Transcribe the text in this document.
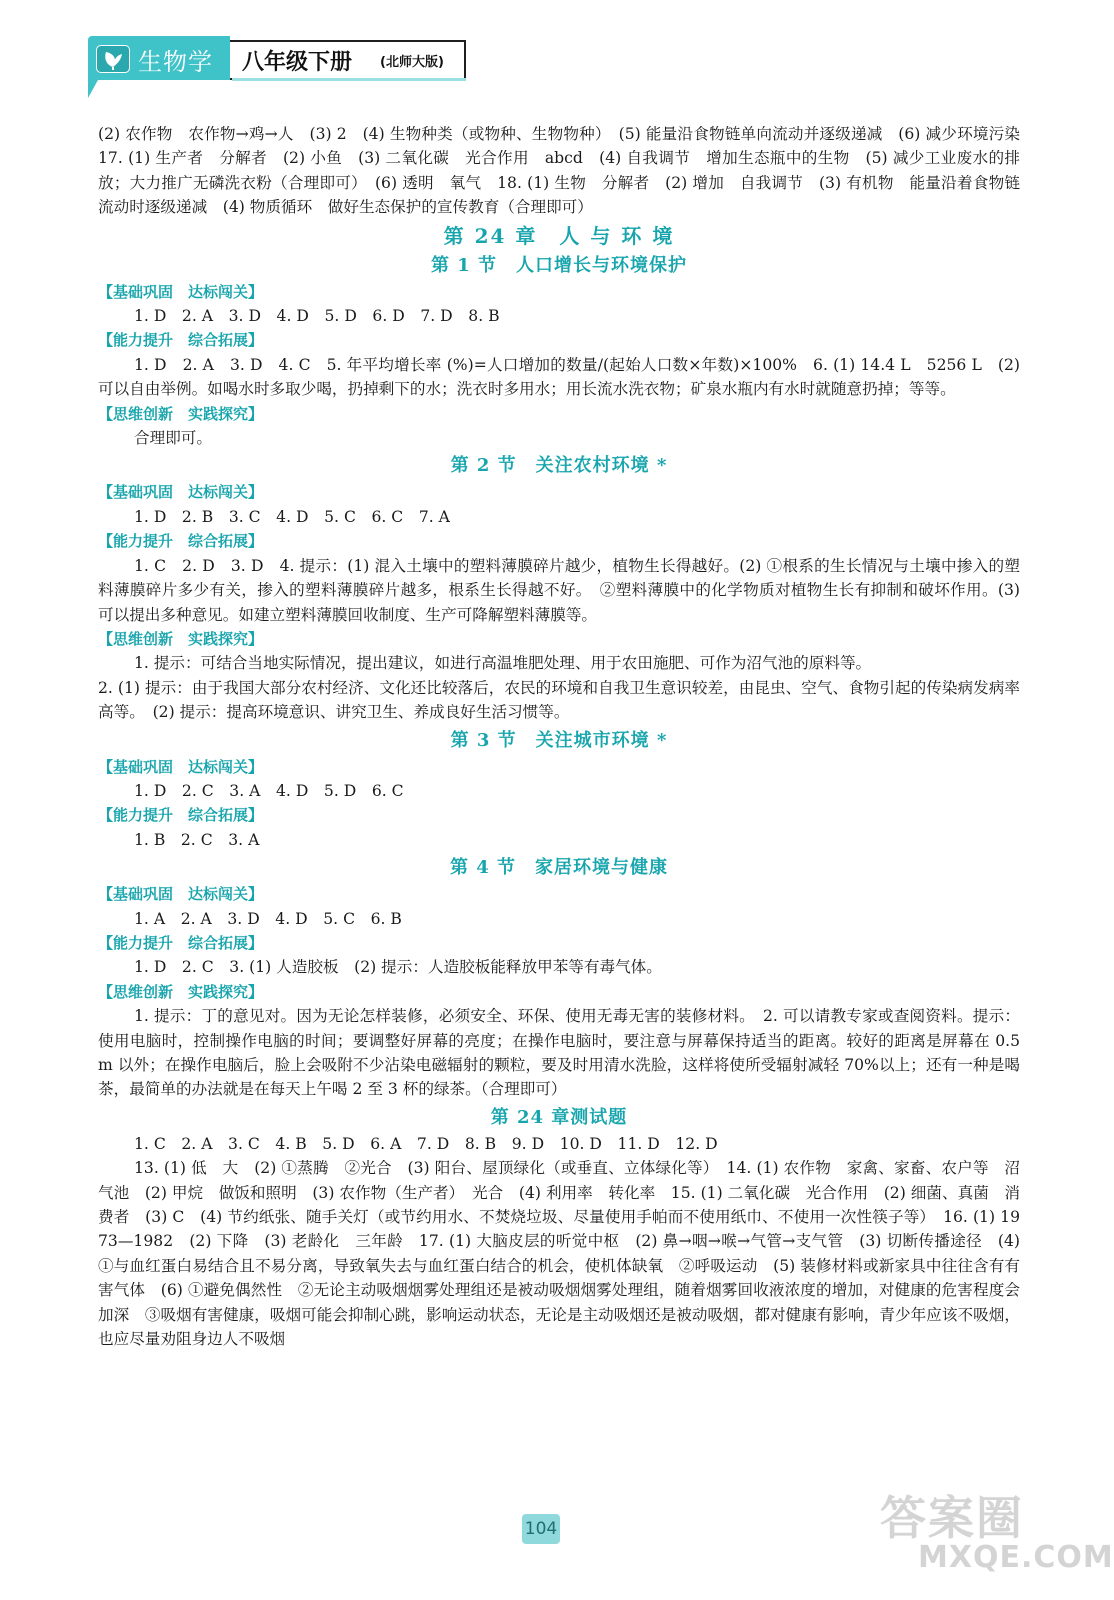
生物学 八年级下册 (北师大版)

(2) 农作物　农作物→鸡→人　(3) 2　(4) 生物种类（或物种、生物物种）　(5) 能量沿食物链单向流动并逐级递减　(6) 减少环境污染　17. (1) 生产者　分解者　(2) 小鱼　(3) 二氧化碳　光合作用　abcd　(4) 自我调节　增加生态瓶中的生物　(5) 减少工业废水的排放；大力推广无磷洗衣粉（合理即可）　(6) 透明　氧气　18. (1) 生物　分解者　(2) 增加　自我调节　(3) 有机物　能量沿着食物链流动时逐级递减　(4) 物质循环　做好生态保护的宣传教育（合理即可）

第 24 章　人 与 环 境
第 1 节　人口增长与环境保护

【基础巩固　达标闯关】

1. D　2. A　3. D　4. D　5. D　6. D　7. D　8. B

【能力提升　综合拓展】

1. D　2. A　3. D　4. C　5. 年平均增长率 (%)=人口增加的数量/(起始人口数×年数)×100%　6. (1) 14.4 L　5256 L　(2) 可以自由举例。如喝水时多取少喝，扔掉剩下的水；洗衣时多用水；用长流水洗衣物；矿泉水瓶内有水时就随意扔掉；等等。

【思维创新　实践探究】

合理即可。

第 2 节　关注农村环境 *

【基础巩固　达标闯关】

1. D　2. B　3. C　4. D　5. C　6. C　7. A

【能力提升　综合拓展】

1. C　2. D　3. D　4. 提示：(1) 混入土壤中的塑料薄膜碎片越少，植物生长得越好。(2) ①根系的生长情况与土壤中掺入的塑料薄膜碎片多少有关，掺入的塑料薄膜碎片越多，根系生长得越不好。　②塑料薄膜中的化学物质对植物生长有抑制和破坏作用。(3) 可以提出多种意见。如建立塑料薄膜回收制度、生产可降解塑料薄膜等。

【思维创新　实践探究】

1. 提示：可结合当地实际情况，提出建议，如进行高温堆肥处理、用于农田施肥、可作为沼气池的原料等。

2. (1) 提示：由于我国大部分农村经济、文化还比较落后，农民的环境和自我卫生意识较差，由昆虫、空气、食物引起的传染病发病率高等。　(2) 提示：提高环境意识、讲究卫生、养成良好生活习惯等。

第 3 节　关注城市环境 *

【基础巩固　达标闯关】

1. D　2. C　3. A　4. D　5. D　6. C

【能力提升　综合拓展】

1. B　2. C　3. A

第 4 节　家居环境与健康

【基础巩固　达标闯关】

1. A　2. A　3. D　4. D　5. C　6. B

【能力提升　综合拓展】

1. D　2. C　3. (1) 人造胶板　(2) 提示：人造胶板能释放甲苯等有毒气体。

【思维创新　实践探究】

1. 提示：丁的意见对。因为无论怎样装修，必须安全、环保、使用无毒无害的装修材料。　2. 可以请教专家或查阅资料。提示：使用电脑时，控制操作电脑的时间；要调整好屏幕的亮度；在操作电脑时，要注意与屏幕保持适当的距离。较好的距离是屏幕在 0.5 m 以外；在操作电脑后，脸上会吸附不少沾染电磁辐射的颗粒，要及时用清水洗脸，这样将使所受辐射减轻 70%以上；还有一种是喝茶，最简单的办法就是在每天上午喝 2 至 3 杯的绿茶。（合理即可）

第 24 章测试题

1. C　2. A　3. C　4. B　5. D　6. A　7. D　8. B　9. D　10. D　11. D　12. D

13. (1) 低　大　(2) ①蒸腾　②光合　(3) 阳台、屋顶绿化（或垂直、立体绿化等）　14. (1) 农作物　家禽、家畜、农户等　沼气池　(2) 甲烷　做饭和照明　(3) 农作物（生产者）　光合　(4) 利用率　转化率　15. (1) 二氧化碳　光合作用　(2) 细菌、真菌　消费者　(3) C　(4) 节约纸张、随手关灯（或节约用水、不焚烧垃圾、尽量使用手帕而不使用纸巾、不使用一次性筷子等）　16. (1) 1973—1982　(2) 下降　(3) 老龄化　三年龄　17. (1) 大脑皮层的听觉中枢　(2) 鼻→咽→喉→气管→支气管　(3) 切断传播途径　(4) ①与血红蛋白易结合且不易分离，导致氧失去与血红蛋白结合的机会，使机体缺氧　②呼吸运动　(5) 装修材料或新家具中往往含有有害气体　(6) ①避免偶然性　②无论主动吸烟烟雾处理组还是被动吸烟烟雾处理组，随着烟雾回收液浓度的增加，对健康的危害程度会加深　③吸烟有害健康，吸烟可能会抑制心跳，影响运动状态，无论是主动吸烟还是被动吸烟，都对健康有影响，青少年应该不吸烟，也应尽量劝阻身边人不吸烟

104	答案圈
MXQE.COM
